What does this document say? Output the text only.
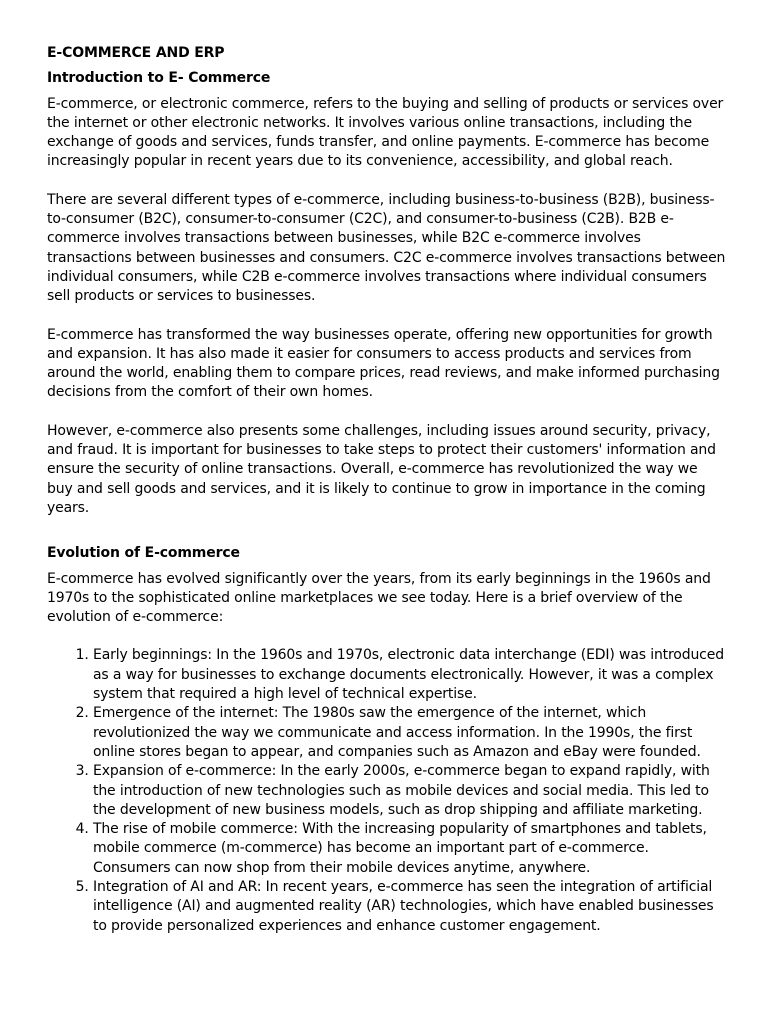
E-COMMERCE AND ERP
Introduction to E- Commerce

E-commerce, or electronic commerce, refers to the buying and selling of products or services over the internet or other electronic networks. It involves various online transactions, including the exchange of goods and services, funds transfer, and online payments. E-commerce has become increasingly popular in recent years due to its convenience, accessibility, and global reach.

There are several different types of e-commerce, including business-to-business (B2B), business-to-consumer (B2C), consumer-to-consumer (C2C), and consumer-to-business (C2B). B2B e-commerce involves transactions between businesses, while B2C e-commerce involves transactions between businesses and consumers. C2C e-commerce involves transactions between individual consumers, while C2B e-commerce involves transactions where individual consumers sell products or services to businesses.

E-commerce has transformed the way businesses operate, offering new opportunities for growth and expansion. It has also made it easier for consumers to access products and services from around the world, enabling them to compare prices, read reviews, and make informed purchasing decisions from the comfort of their own homes.

However, e-commerce also presents some challenges, including issues around security, privacy, and fraud. It is important for businesses to take steps to protect their customers' information and ensure the security of online transactions. Overall, e-commerce has revolutionized the way we buy and sell goods and services, and it is likely to continue to grow in importance in the coming years.

Evolution of E-commerce

E-commerce has evolved significantly over the years, from its early beginnings in the 1960s and 1970s to the sophisticated online marketplaces we see today. Here is a brief overview of the evolution of e-commerce:

1. Early beginnings: In the 1960s and 1970s, electronic data interchange (EDI) was introduced as a way for businesses to exchange documents electronically. However, it was a complex system that required a high level of technical expertise.
2. Emergence of the internet: The 1980s saw the emergence of the internet, which revolutionized the way we communicate and access information. In the 1990s, the first online stores began to appear, and companies such as Amazon and eBay were founded.
3. Expansion of e-commerce: In the early 2000s, e-commerce began to expand rapidly, with the introduction of new technologies such as mobile devices and social media. This led to the development of new business models, such as drop shipping and affiliate marketing.
4. The rise of mobile commerce: With the increasing popularity of smartphones and tablets, mobile commerce (m-commerce) has become an important part of e-commerce. Consumers can now shop from their mobile devices anytime, anywhere.
5. Integration of AI and AR: In recent years, e-commerce has seen the integration of artificial intelligence (AI) and augmented reality (AR) technologies, which have enabled businesses to provide personalized experiences and enhance customer engagement.
